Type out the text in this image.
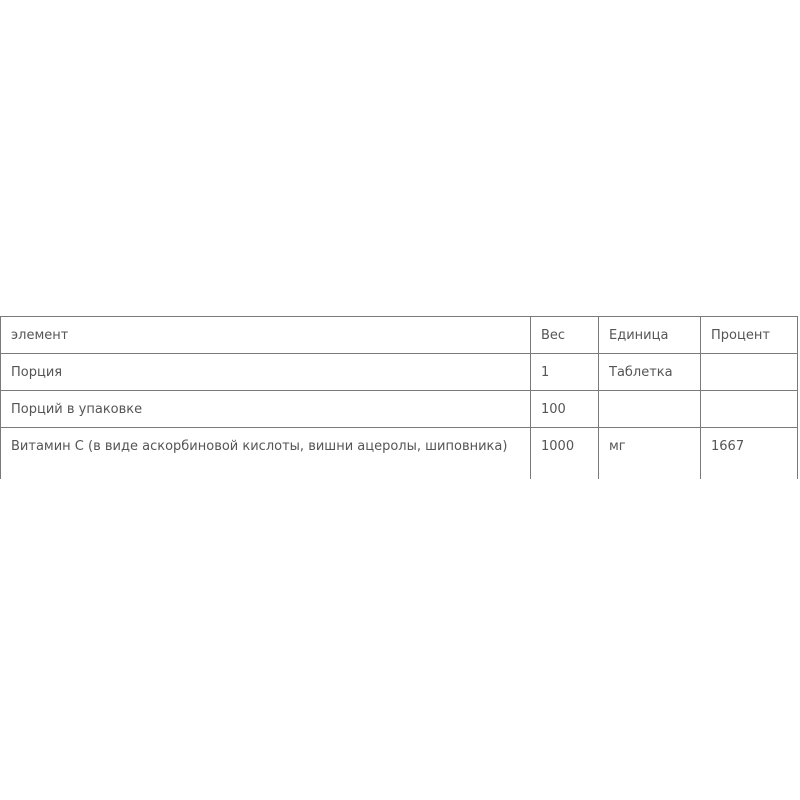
элемент	Вес	Единица	Процент
Порция	1	Таблетка	
Порций в упаковке	100		
Витамин С (в виде аскорбиновой кислоты, вишни ацеролы, шиповника)	1000	мг	1667
